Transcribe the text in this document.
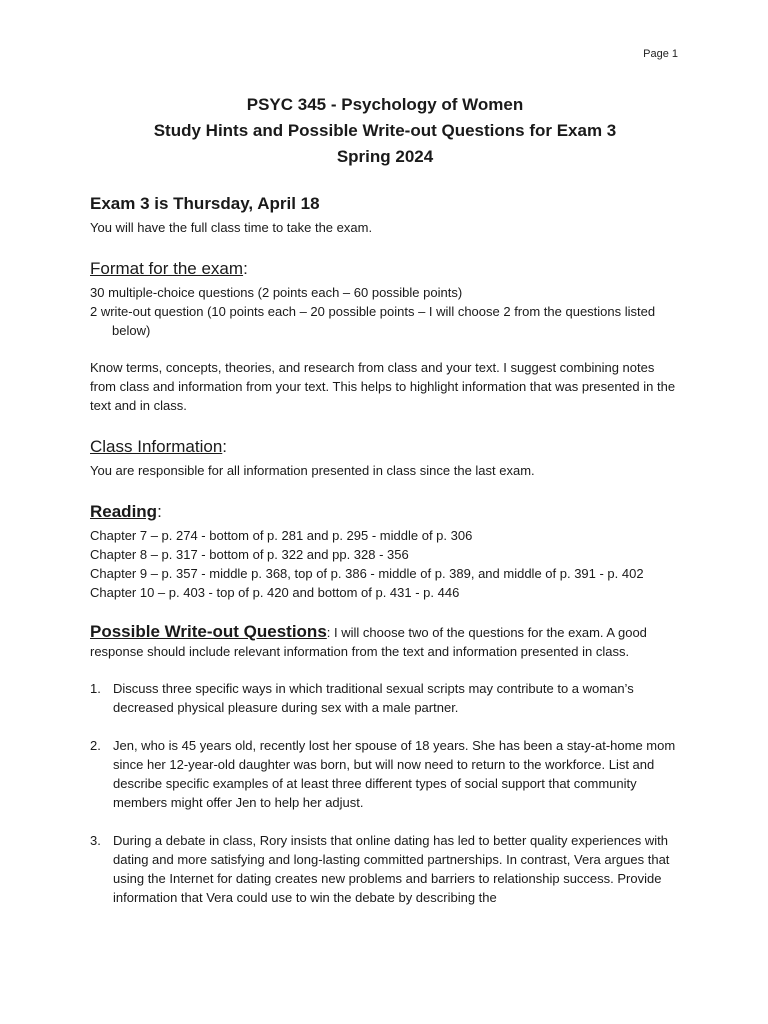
Page 1
PSYC 345 - Psychology of Women
Study Hints and Possible Write-out Questions for Exam 3
Spring 2024
Exam 3 is Thursday, April 18

You will have the full class time to take the exam.

Format for the exam:

30 multiple-choice questions (2 points each – 60 possible points)

2 write-out question (10 points each – 20 possible points – I will choose 2 from the questions listed below)

Know terms, concepts, theories, and research from class and your text. I suggest combining notes from class and information from your text. This helps to highlight information that was presented in the text and in class.

Class Information:

You are responsible for all information presented in class since the last exam.

Reading:

Chapter 7 – p. 274 - bottom of p. 281 and p. 295 - middle of p. 306

Chapter 8 – p. 317 - bottom of p. 322 and pp. 328 - 356

Chapter 9 – p. 357 - middle p. 368, top of p. 386 - middle of p. 389, and middle of p. 391 - p. 402

Chapter 10 – p. 403 - top of p. 420 and bottom of p. 431 - p. 446

Possible Write-out Questions: I will choose two of the questions for the exam. A good response should include relevant information from the text and information presented in class.

1. Discuss three specific ways in which traditional sexual scripts may contribute to a woman’s decreased physical pleasure during sex with a male partner.
2. Jen, who is 45 years old, recently lost her spouse of 18 years. She has been a stay-at-home mom since her 12-year-old daughter was born, but will now need to return to the workforce. List and describe specific examples of at least three different types of social support that community members might offer Jen to help her adjust.
3. During a debate in class, Rory insists that online dating has led to better quality experiences with dating and more satisfying and long-lasting committed partnerships. In contrast, Vera argues that using the Internet for dating creates new problems and barriers to relationship success. Provide information that Vera could use to win the debate by describing the
